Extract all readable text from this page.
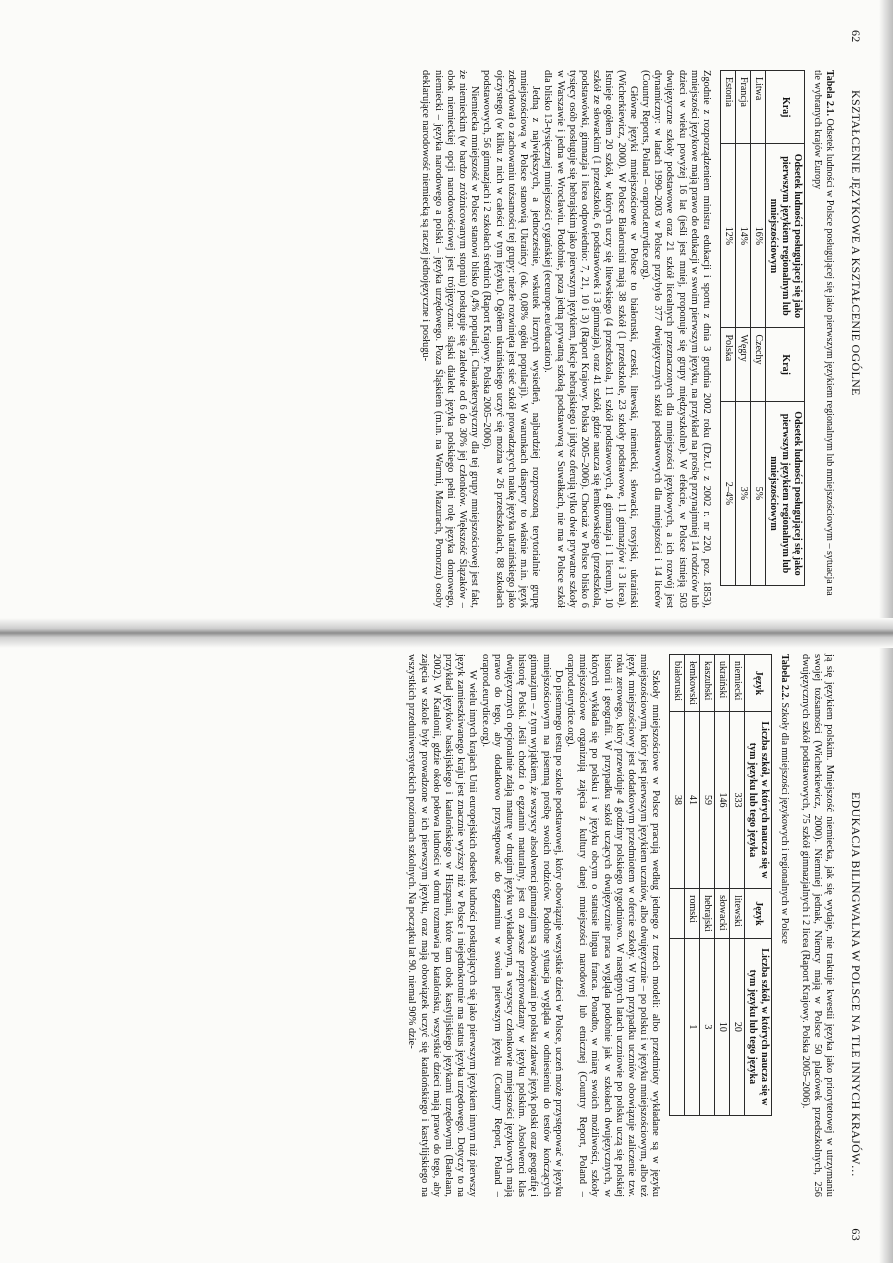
62
KSZTAŁCENIE JĘZYKOWE A KSZTAŁCENIE OGÓLNE
Tabela 2.1. Odsetek ludności w Polsce posługującej się jako pierwszym językiem regionalnym lub mniejszościowym – sytuacja na tle wybranych krajów Europy
Kraj	Odsetek ludności posługującej się jako pierwszym językiem regionalnym lub mniejszościowym	Kraj	Odsetek ludności posługującej się jako pierwszym językiem regionalnym lub mniejszościowym
Litwa	16%	Czechy	5%
Francja	14%	Węgry	3%
Estonia	12%	Polska	2–4%

Zgodnie z rozporządzeniem ministra edukacji i sportu z dnia 3 grudnia 2002 roku (Dz.U. z 2002 r. nr 220, poz. 1853), mniejszości językowe mają prawo do edukacji w swoim pierwszym języku, na przykład na prośbę przynajmniej 14 rodziców lub dzieci w wieku powyżej 16 lat (jeśli jest mniej, proponuje się grupy międzyszkolne). W efekcie, w Polsce istnieją 503 dwujęzyczne szkoły podstawowe oraz 21 szkół licealnych przeznaczonych dla mniejszości językowych, a ich rozwój jest dynamiczny: w latach 1990–2003 w Polsce przybyło 377 dwujęzycznych szkół podstawowych dla mniejszości i 14 liceów (Country Reports, Poland – oraprod.eurydice.org).

Główne języki mniejszościowe w Polsce to białoruski, czeski, litewski, niemiecki, słowacki, rosyjski, ukraiński (Wicherkiewicz, 2000). W Polsce Białorusini mają 38 szkół (1 przedszkole, 23 szkoły podstawowe, 11 gimnazjów i 3 licea). Istnieje ogółem 20 szkół, w których uczy się litewskiego (4 przedszkola, 11 szkół podstawowych, 4 gimnazja i 1 liceum), 10 szkół ze słowackim (1 przedszkole, 6 podstawówek i 3 gimnazja), oraz 41 szkół, gdzie naucza się łemkowskiego (przedszkola, podstawówki, gimnazja i licea odpowiednio: 7, 21, 10 i 3) (Raport Krajowy. Polska 2005–2006). Chociaż w Polsce blisko 6 tysięcy osób posługuje się hebrajskim jako pierwszym językiem, lekcje hebrajskiego i jidysz oferują tylko dwie prywatne szkoły w Warszawie i jedna we Wrocławiu. Podobnie, poza jedną prywatną szkołą podstawową w Suwałkach, nie ma w Polsce szkół dla blisko 13-tysięcznej mniejszości cygańskiej (eceurope.eu/education).

Jedną z największych, a jednocześnie, wskutek licznych wysiedleń, najbardziej rozproszoną terytorialnie grupę mniejszościową w Polsce stanowią Ukraińcy (ok. 0,08% ogółu populacji). W warunkach diaspory to właśnie m.in. język zdecydował o zachowaniu tożsamości tej grupy; niezłe rozwinięta jest sieć szkół prowadzących naukę języka ukraińskiego jako ojczystego (w kilku z nich w całości w tym języku). Ogółem ukraińskiego uczyć się można w 26 przedszkolach, 88 szkołach podstawowych, 56 gimnazjach i 2 szkołach średnich (Raport Krajowy. Polska 2005–2006).

Niemiecka mniejszość w Polsce stanowi blisko 0,4% populacji. Charakterystyczny dla tej grupy mniejszościowej jest fakt, że niemieckim (w bardzo zróżnicowanym stopniu) posługuje się zaledwie od 6 do 30% jej członków. Większość Ślązaków – obok niemieckiej opcji narodowościowej jest trójjęzyczna: śląski dialekt języka polskiego pełni rolę języka domowego, niemiecki – języka narodowego a polski – języka urzędowego. Poza Śląskiem (m.in. na Warmii, Mazurach, Pomorzu) osoby deklarujące narodowość niemiecką są raczej jednojęzyczne i posługu-

EDUKACJA BILINGWALNA W POLSCE NA TLE INNYCH KRAJÓW…
63

ją się językiem polskim. Mniejszość niemiecka, jak się wydaje, nie traktuje kwestii języka jako priorytetowej w utrzymaniu swojej tożsamości (Wicherkiewicz, 2000). Niemniej jednak, Niemcy mają w Polsce 50 placówek przedszkolnych, 256 dwujęzycznych szkół podstawowych, 75 szkół gimnazjalnych i 2 licea (Raport Krajowy. Polska 2005–2006).

Tabela 2.2. Szkoły dla mniejszości językowych i regionalnych w Polsce
Język	Liczba szkół, w których naucza się w tym języku lub tego języka	Język	Liczba szkół, w których naucza się w tym języku lub tego języka
niemiecki	333	litewski	20
ukraiński	146	słowacki	10
kaszubski	59	hebrajski	3
łemkowski	41	romski	1
białoruski	38		

Szkoły mniejszościowe w Polsce pracują według jednego z trzech modeli: albo przedmioty wykładane są w języku mniejszościowym, który jest pierwszym językiem uczniów, albo dwujęzycznie – po polsku i w języku mniejszościowym, albo też język mniejszościowy jest dodatkowym przedmiotem w ofercie szkoły. W tym przypadku uczniów obowiązuje zaliczenie tzw. roku zerowego, który przewiduje 4 godziny polskiego tygodniowo. W następnych latach uczniowie po polsku uczą się polskiej historii i geografii. W przypadku szkół uczących dwujęzycznie praca wygląda podobnie jak w szkołach dwujęzycznych, w których wykłada się po polsku i w języku obcym o statusie lingua franca. Ponadto, w miarę swoich możliwości, szkoły mniejszościowe organizują zajęcia z kultury danej mniejszości narodowej lub etnicznej (Country Report, Poland – oraprod.eurydice.org).

Do pisemnego testu po szkole podstawowej, który obowiązuje wszystkie dzieci w Polsce, uczeń może przystępować w języku mniejszościowym na pisemną prośbę swoich rodziców. Podobne sytuacja wygląda w odniesieniu do testów kończących gimnazjum – z tym wyjątkiem, że wszyscy absolwenci gimnazjum są zobowiązani po polsku zdawać język polski oraz geografię i historię Polski. Jeśli chodzi o egzamin maturalny, jest on zawsze przeprowadzany w języku polskim. Absolwenci klas dwujęzycznych opcjonalnie zdają maturę w drugim języku wykładowym, a wszyscy członkowie mniejszości językowych mają prawo do tego, aby dodatkowo przystępować do egzaminu w swoim pierwszym języku (Country Report, Poland – oraprod.eurydice.org).

W wielu innych krajach Unii europejskich odsetek ludności posługujących się jako pierwszym językiem innym niż pierwszy język zamieszkiwanego kraju jest znacznie wyższy niż w Polsce i niejednokrotnie ma status języka urzędowego. Dotyczy to na przykład języków baskijskiego i katalońskiego w Hiszpanii, które tam obok kastylijskiego językami urzędowymi (Batelaan, 2002). W Katalonii, gdzie około połowa ludności w domu rozmawia po katalońsku, wszystkie dzieci mają prawo do tego, aby zajęcia w szkole były prowadzone w ich pierwszym języku, oraz mają obowiązek uczyć się katalońskiego i kastylijskiego na wszystkich przeduniwersyteckich poziomach szkolnych. Na początku lat 90. niemal 90% dzie-
